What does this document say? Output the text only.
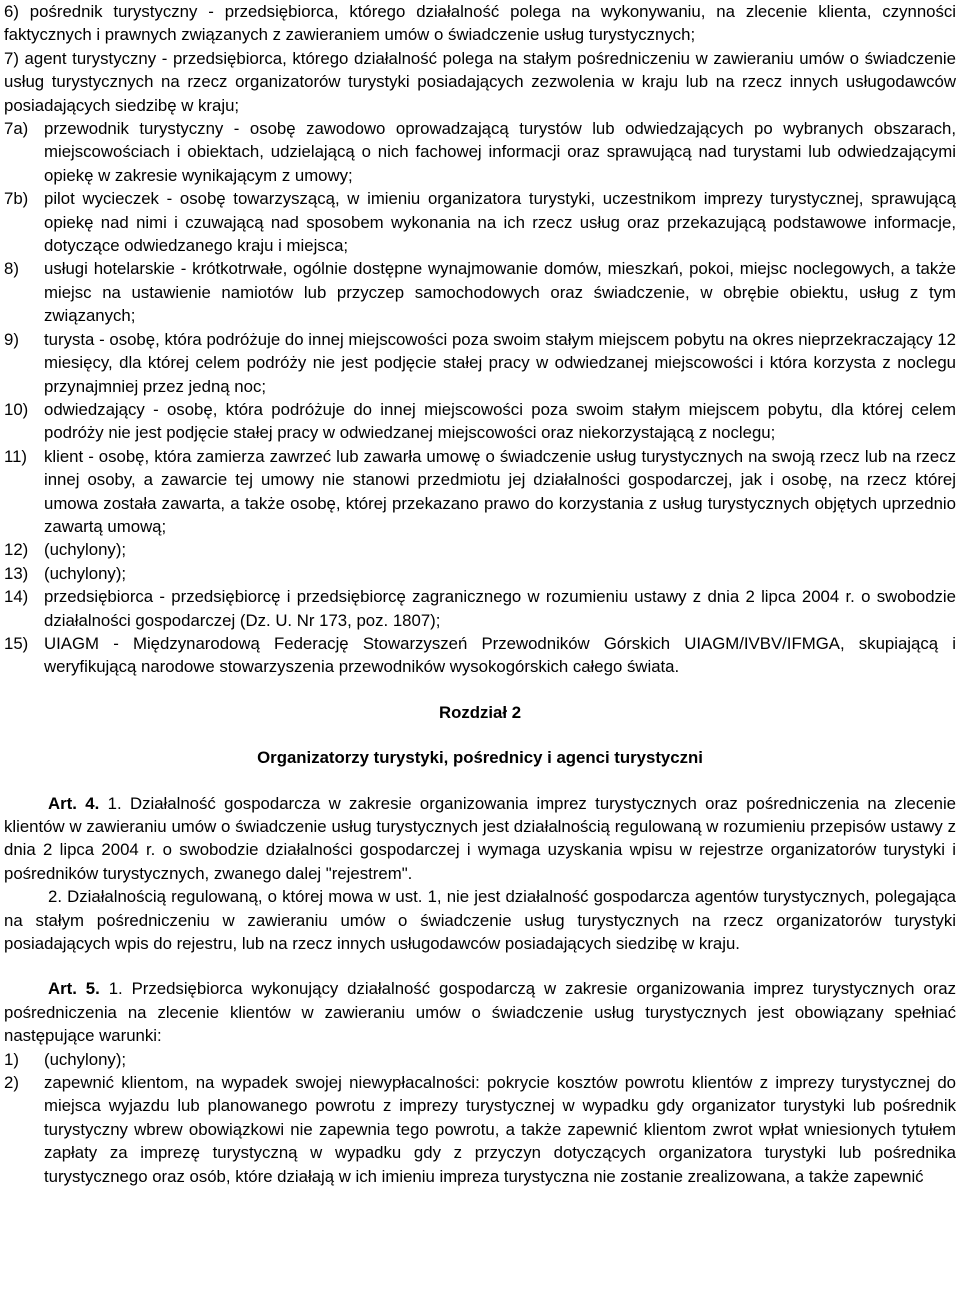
6) pośrednik turystyczny - przedsiębiorca, którego działalność polega na wykonywaniu, na zlecenie klienta, czynności faktycznych i prawnych związanych z zawieraniem umów o świadczenie usług turystycznych;
7) agent turystyczny - przedsiębiorca, którego działalność polega na stałym pośredniczeniu w zawieraniu umów o świadczenie usług turystycznych na rzecz organizatorów turystyki posiadających zezwolenia w kraju lub na rzecz innych usługodawców posiadających siedzibę w kraju;
7a) przewodnik turystyczny - osobę zawodowo oprowadzającą turystów lub odwiedzających po wybranych obszarach, miejscowościach i obiektach, udzielającą o nich fachowej informacji oraz sprawującą nad turystami lub odwiedzającymi opiekę w zakresie wynikającym z umowy;
7b) pilot wycieczek - osobę towarzyszącą, w imieniu organizatora turystyki, uczestnikom imprezy turystycznej, sprawującą opiekę nad nimi i czuwającą nad sposobem wykonania na ich rzecz usług oraz przekazującą podstawowe informacje, dotyczące odwiedzanego kraju i miejsca;
8)	usługi hotelarskie - krótkotrwałe, ogólnie dostępne wynajmowanie domów, mieszkań, pokoi, miejsc noclegowych, a także miejsc na ustawienie namiotów lub przyczep samochodowych oraz świadczenie, w obrębie obiektu, usług z tym związanych;
9)	turysta - osobę, która podróżuje do innej miejscowości poza swoim stałym miejscem pobytu na okres nieprzekraczający 12 miesięcy, dla której celem podróży nie jest podjęcie stałej pracy w odwiedzanej miejscowości i która korzysta z noclegu przynajmniej przez jedną noc;
10) odwiedzający - osobę, która podróżuje do innej miejscowości poza swoim stałym miejscem pobytu, dla której celem podróży nie jest podjęcie stałej pracy w odwiedzanej miejscowości oraz niekorzystającą z noclegu;
11)	klient - osobę, która zamierza zawrzeć lub zawarła umowę o świadczenie usług turystycznych na swoją rzecz lub na rzecz innej osoby, a zawarcie tej umowy nie stanowi przedmiotu jej działalności gospodarczej, jak i osobę, na rzecz której umowa została zawarta, a także osobę, której przekazano prawo do korzystania z usług turystycznych objętych uprzednio zawartą umową;
12) (uchylony);
13) (uchylony);
14) przedsiębiorca - przedsiębiorcę i przedsiębiorcę zagranicznego w rozumieniu ustawy z dnia 2 lipca 2004 r. o swobodzie działalności gospodarczej (Dz. U. Nr 173, poz. 1807);
15) UIAGM - Międzynarodową Federację Stowarzyszeń Przewodników Górskich UIAGM/IVBV/IFMGA, skupiającą i weryfikującą narodowe stowarzyszenia przewodników wysokogórskich całego świata.
Rozdział 2
Organizatorzy turystyki, pośrednicy i agenci turystyczni

Art. 4. 1. Działalność gospodarcza w zakresie organizowania imprez turystycznych oraz pośredniczenia na zlecenie klientów w zawieraniu umów o świadczenie usług turystycznych jest działalnością regulowaną w rozumieniu przepisów ustawy z dnia 2 lipca 2004 r. o swobodzie działalności gospodarczej i wymaga uzyskania wpisu w rejestrze organizatorów turystyki i pośredników turystycznych, zwanego dalej "rejestrem".

2. Działalnością regulowaną, o której mowa w ust. 1, nie jest działalność gospodarcza agentów turystycznych, polegająca na stałym pośredniczeniu w zawieraniu umów o świadczenie usług turystycznych na rzecz organizatorów turystyki posiadających wpis do rejestru, lub na rzecz innych usługodawców posiadających siedzibę w kraju.

Art. 5. 1. Przedsiębiorca wykonujący działalność gospodarczą w zakresie organizowania imprez turystycznych oraz pośredniczenia na zlecenie klientów w zawieraniu umów o świadczenie usług turystycznych jest obowiązany spełniać następujące warunki:

1)	(uchylony);
2)	zapewnić klientom, na wypadek swojej niewypłacalności: pokrycie kosztów powrotu klientów z imprezy turystycznej do miejsca wyjazdu lub planowanego powrotu z imprezy turystycznej w wypadku gdy organizator turystyki lub pośrednik turystyczny wbrew obowiązkowi nie zapewnia tego powrotu, a także zapewnić klientom zwrot wpłat wniesionych tytułem zapłaty za imprezę turystyczną w wypadku gdy z przyczyn dotyczących organizatora turystyki lub pośrednika turystycznego oraz osób, które działają w ich imieniu impreza turystyczna nie zostanie zrealizowana, a także zapewnić
